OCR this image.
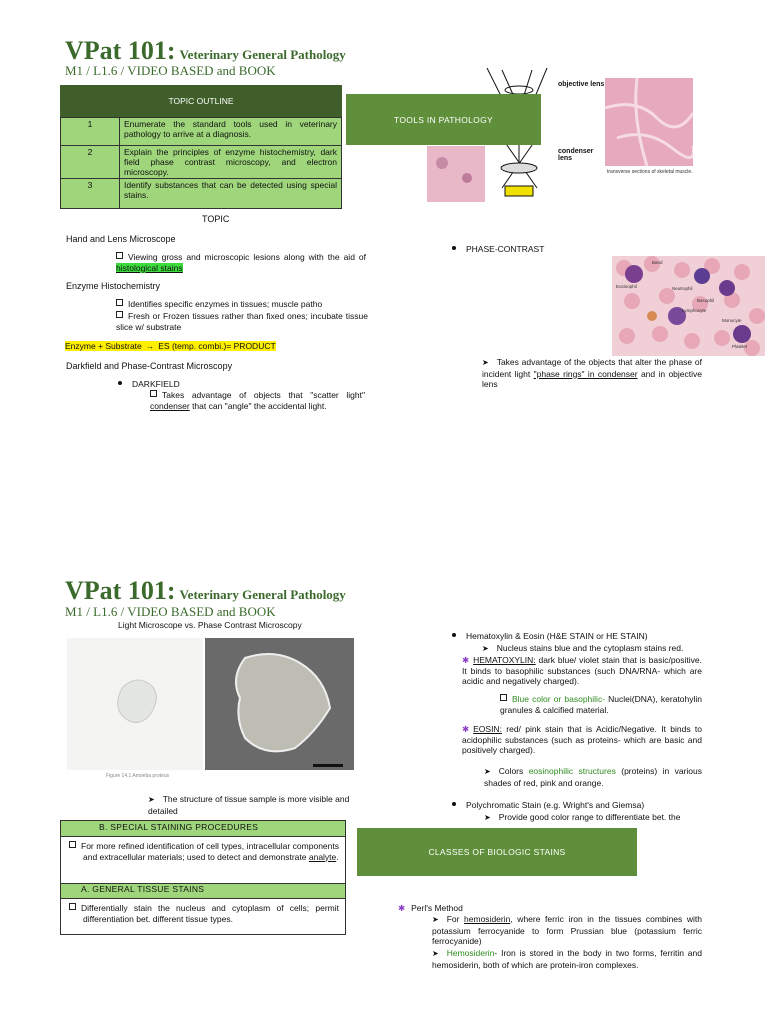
VPat 101: Veterinary General Pathology
M1 / L1.6 / VIDEO BASED and BOOK
TOPIC OUTLINE
1	Enumerate the standard tools used in veterinary pathology to arrive at a diagnosis.
2	Explain the principles of enzyme histochemistry, dark field phase contrast microscopy, and electron microscopy.
3	Identify substances that can be detected using special stains.
objective lens
condenser lens
transverse sections of skeletal muscle.
TOOLS IN PATHOLOGY
TOPIC
Hand and Lens Microscope
Viewing gross and microscopic lesions along with the aid of histological stains
Enzyme Histochemistry
Identifies specific enzymes in tissues; muscle patho
Fresh or Frozen tissues rather than fixed ones; incubate tissue slice w/ substrate
Enzyme + Substrate → ES (temp. combi.)= PRODUCT
Darkfield and Phase-Contrast Microscopy
DARKFIELD
Takes advantage of objects that "scatter light" condenser that can "angle" the accidental light.
PHASE-CONTRAST
Band
Eosinophil	Neutrophil
Basophil
Lymphocyte
Monocyte
Platelet
➤ Takes advantage of the objects that alter the phase of incident light "phase rings" in condenser and in objective lens
VPat 101: Veterinary General Pathology
M1 / L1.6 / VIDEO BASED and BOOK
Light Microscope vs. Phase Contrast Microscopy
Figure 14.1 Amoeba proteus
➤ The structure of tissue sample is more visible and detailed
B. SPECIAL STAINING PROCEDURES
For more refined identification of cell types, intracellular components and extracellular materials; used to detect and demonstrate analyte.
A. GENERAL TISSUE STAINS
Differentially stain the nucleus and cytoplasm of cells; permit differentiation bet. different tissue types.
Hematoxylin & Eosin (H&E STAIN or HE STAIN)
➤ Nucleus stains blue and the cytoplasm stains red.
✱ HEMATOXYLIN: dark blue/ violet stain that is basic/positive. It binds to basophilic substances (such DNA/RNA- which are acidic and negatively charged).
Blue color or basophilic- Nuclei(DNA), keratohylin granules & calcified material.
✱ EOSIN: red/ pink stain that is Acidic/Negative. It binds to acidophilic substances (such as proteins- which are basic and positively charged).
➤ Colors eosinophilic structures (proteins) in various shades of red, pink and orange.
Polychromatic Stain (e.g. Wright's and Giemsa)
➤ Provide good color range to differentiate bet. the
CLASSES OF BIOLOGIC STAINS
✱ Perl's Method
➤ For hemosiderin, where ferric iron in the tissues combines with potassium ferrocyanide to form Prussian blue (potassium ferric ferrocyanide)
➤ Hemosiderin- Iron is stored in the body in two forms, ferritin and hemosiderin, both of which are protein-iron complexes.
